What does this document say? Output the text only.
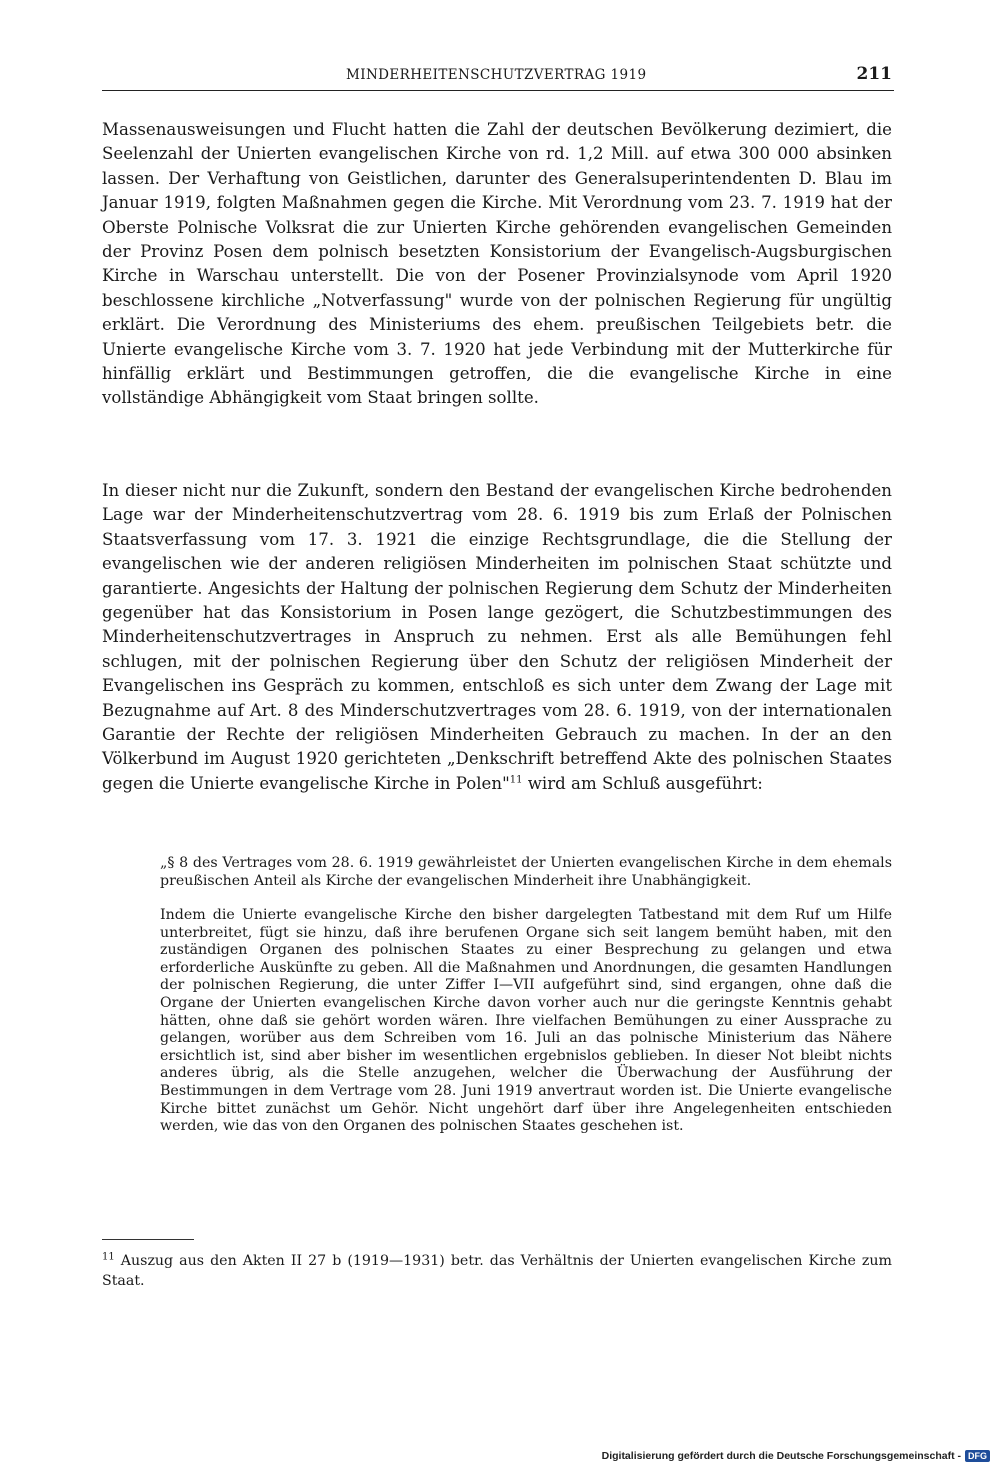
MINDERHEITENSCHUTZVERTRAG 1919	211

Massenausweisungen und Flucht hatten die Zahl der deutschen Bevölkerung dezimiert, die Seelenzahl der Unierten evangelischen Kirche von rd. 1,2 Mill. auf etwa 300 000 absinken lassen. Der Verhaftung von Geistlichen, darunter des Generalsuperintendenten D. Blau im Januar 1919, folgten Maßnahmen gegen die Kirche. Mit Verordnung vom 23. 7. 1919 hat der Oberste Polnische Volksrat die zur Unierten Kirche gehörenden evangelischen Gemeinden der Provinz Posen dem polnisch besetzten Konsistorium der Evangelisch-Augsburgischen Kirche in Warschau unterstellt. Die von der Posener Provinzialsynode vom April 1920 beschlossene kirchliche „Notverfassung" wurde von der polnischen Regierung für ungültig erklärt. Die Verordnung des Ministeriums des ehem. preußischen Teilgebiets betr. die Unierte evangelische Kirche vom 3. 7. 1920 hat jede Verbindung mit der Mutterkirche für hinfällig erklärt und Bestimmungen getroffen, die die evangelische Kirche in eine vollständige Abhängigkeit vom Staat bringen sollte.

In dieser nicht nur die Zukunft, sondern den Bestand der evangelischen Kirche bedrohenden Lage war der Minderheitenschutzvertrag vom 28. 6. 1919 bis zum Erlaß der Polnischen Staatsverfassung vom 17. 3. 1921 die einzige Rechtsgrundlage, die die Stellung der evangelischen wie der anderen religiösen Minderheiten im polnischen Staat schützte und garantierte. Angesichts der Haltung der polnischen Regierung dem Schutz der Minderheiten gegenüber hat das Konsistorium in Posen lange gezögert, die Schutzbestimmungen des Minderheitenschutzvertrages in Anspruch zu nehmen. Erst als alle Bemühungen fehl schlugen, mit der polnischen Regierung über den Schutz der religiösen Minderheit der Evangelischen ins Gespräch zu kommen, entschloß es sich unter dem Zwang der Lage mit Bezugnahme auf Art. 8 des Minderschutzvertrages vom 28. 6. 1919, von der internationalen Garantie der Rechte der religiösen Minderheiten Gebrauch zu machen. In der an den Völkerbund im August 1920 gerichteten „Denkschrift betreffend Akte des polnischen Staates gegen die Unierte evangelische Kirche in Polen"$^{11}$ wird am Schluß ausgeführt:

„§ 8 des Vertrages vom 28. 6. 1919 gewährleistet der Unierten evangelischen Kirche in dem ehemals preußischen Anteil als Kirche der evangelischen Minderheit ihre Unabhängigkeit.

Indem die Unierte evangelische Kirche den bisher dargelegten Tatbestand mit dem Ruf um Hilfe unterbreitet, fügt sie hinzu, daß ihre berufenen Organe sich seit langem bemüht haben, mit den zuständigen Organen des polnischen Staates zu einer Besprechung zu gelangen und etwa erforderliche Auskünfte zu geben. All die Maßnahmen und Anordnungen, die gesamten Handlungen der polnischen Regierung, die unter Ziffer I—VII aufgeführt sind, sind ergangen, ohne daß die Organe der Unierten evangelischen Kirche davon vorher auch nur die geringste Kenntnis gehabt hätten, ohne daß sie gehört worden wären. Ihre vielfachen Bemühungen zu einer Aussprache zu gelangen, worüber aus dem Schreiben vom 16. Juli an das polnische Ministerium das Nähere ersichtlich ist, sind aber bisher im wesentlichen ergebnislos geblieben. In dieser Not bleibt nichts anderes übrig, als die Stelle anzugehen, welcher die Überwachung der Ausführung der Bestimmungen in dem Vertrage vom 28. Juni 1919 anvertraut worden ist. Die Unierte evangelische Kirche bittet zunächst um Gehör. Nicht ungehört darf über ihre Angelegenheiten entschieden werden, wie das von den Organen des polnischen Staates geschehen ist.

$^{11}$ Auszug aus den Akten II 27 b (1919—1931) betr. das Verhältnis der Unierten evangelischen Kirche zum Staat.

Digitalisierung gefördert durch die Deutsche Forschungsgemeinschaft - DFG
